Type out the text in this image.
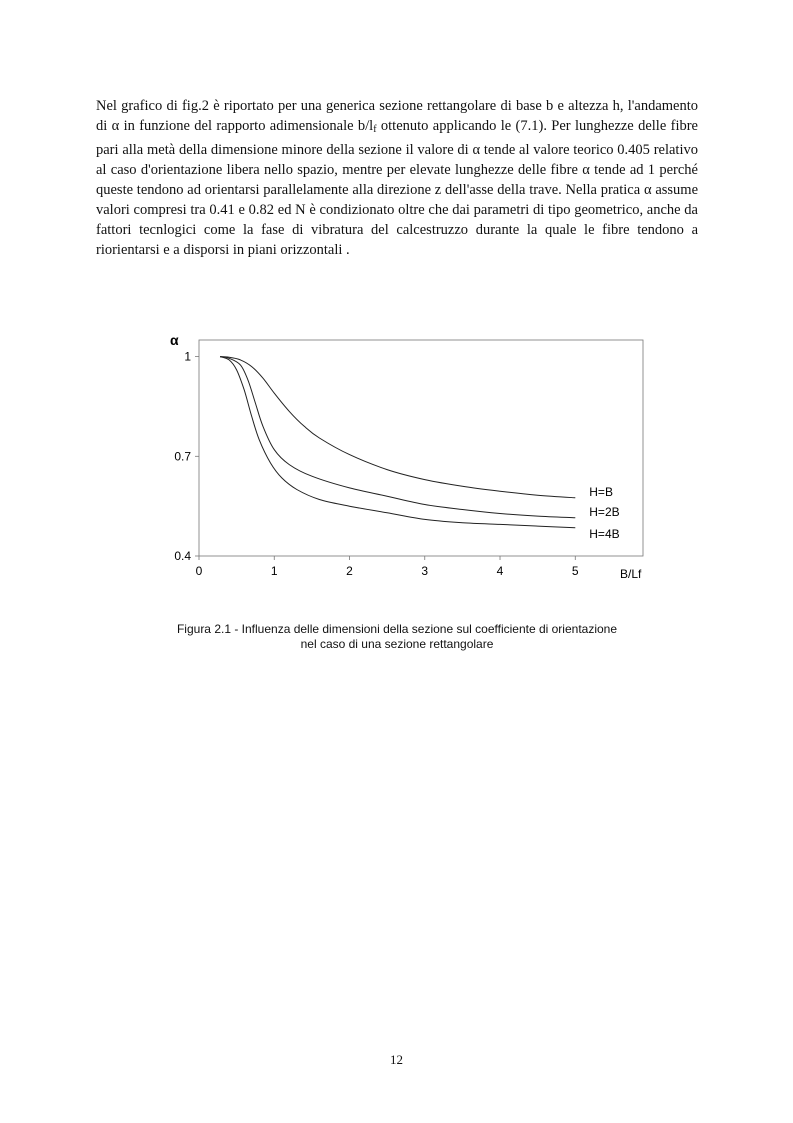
Nel grafico di fig.2 è riportato per una generica sezione rettangolare di base b e altezza h, l'andamento di α in funzione del rapporto adimensionale $b/l_f$ ottenuto applicando le (7.1). Per lunghezze delle fibre pari alla metà della dimensione minore della sezione il valore di α tende al valore teorico 0.405 relativo al caso d'orientazione libera nello spazio, mentre per elevate lunghezze delle fibre α tende ad 1 perché queste tendono ad orientarsi parallelamente alla direzione z dell'asse della trave. Nella pratica α assume valori compresi tra 0.41 e 0.82 ed N è condizionato oltre che dai parametri di tipo geometrico, anche da fattori tecnlogici come la fase di vibratura del calcestruzzo durante la quale le fibre tendono a riorientarsi e a disporsi in piani orizzontali .

α
B/Lf
0	1	2	3	4	5
0.4
0.7
1
H=B
H=2B
H=4B
Figura 2.1 - Influenza delle dimensioni della sezione sul coefficiente di orientazione
nel caso di una sezione rettangolare
12
